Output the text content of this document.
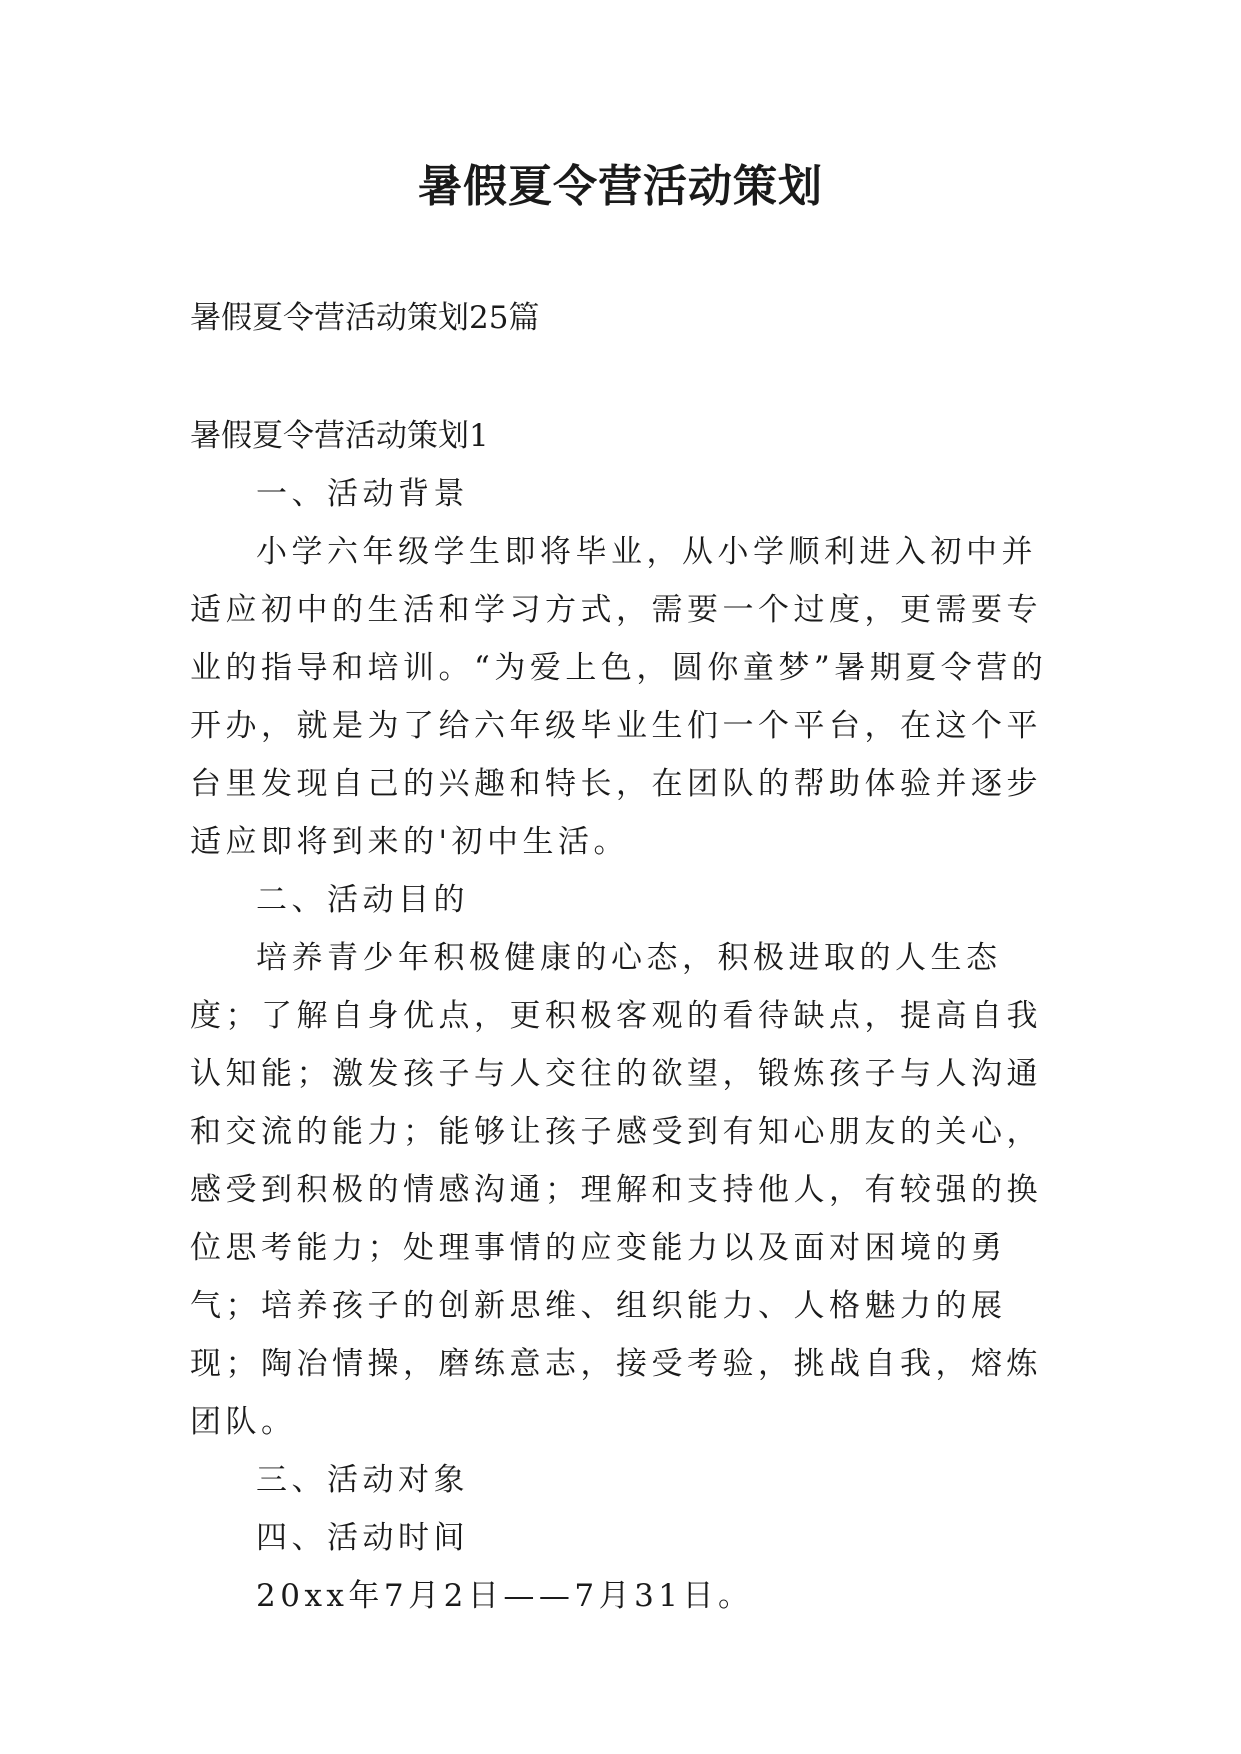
暑假夏令营活动策划

暑假夏令营活动策划25篇

暑假夏令营活动策划1

一、活动背景

小学六年级学生即将毕业，从小学顺利进入初中并适应初中的生活和学习方式，需要一个过度，更需要专业的指导和培训。“为爱上色，圆你童梦”暑期夏令营的开办，就是为了给六年级毕业生们一个平台，在这个平台里发现自己的兴趣和特长，在团队的帮助体验并逐步适应即将到来的'初中生活。

二、活动目的

培养青少年积极健康的心态，积极进取的人生态度；了解自身优点，更积极客观的看待缺点，提高自我认知能；激发孩子与人交往的欲望，锻炼孩子与人沟通和交流的能力；能够让孩子感受到有知心朋友的关心，感受到积极的情感沟通；理解和支持他人，有较强的换位思考能力；处理事情的应变能力以及面对困境的勇气；培养孩子的创新思维、组织能力、人格魅力的展现；陶冶情操，磨练意志，接受考验，挑战自我，熔炼团队。

三、活动对象

四、活动时间

20xx年7月2日——7月31日。
